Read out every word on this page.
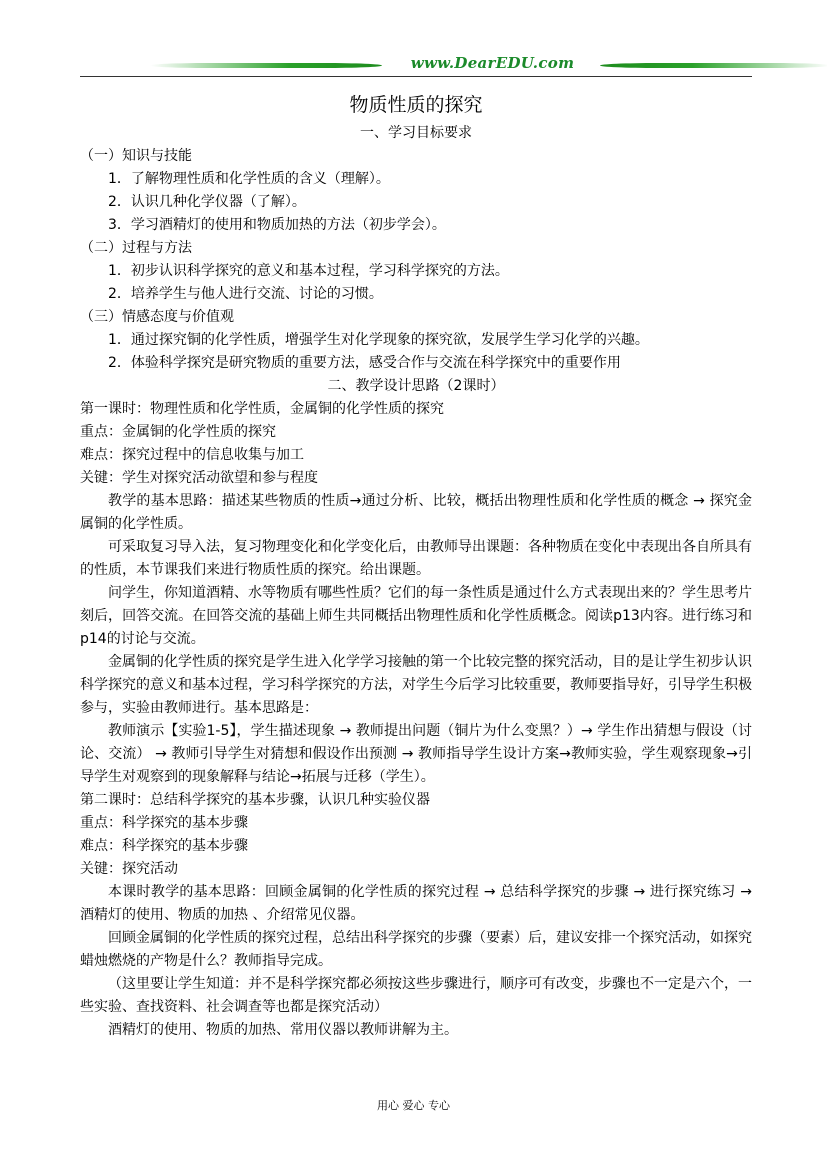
www.DearEDU.com
物质性质的探究
一、学习目标要求
（一）知识与技能
1．了解物理性质和化学性质的含义（理解）。
2．认识几种化学仪器（了解）。
3．学习酒精灯的使用和物质加热的方法（初步学会）。
（二）过程与方法
1．初步认识科学探究的意义和基本过程，学习科学探究的方法。
2．培养学生与他人进行交流、讨论的习惯。
（三）情感态度与价值观
1．通过探究铜的化学性质，增强学生对化学现象的探究欲，发展学生学习化学的兴趣。
2．体验科学探究是研究物质的重要方法，感受合作与交流在科学探究中的重要作用
二、教学设计思路（2课时）
第一课时：物理性质和化学性质，金属铜的化学性质的探究
重点：金属铜的化学性质的探究
难点：探究过程中的信息收集与加工
关键：学生对探究活动欲望和参与程度
教学的基本思路：描述某些物质的性质→通过分析、比较，概括出物理性质和化学性质的概念 → 探究金属铜的化学性质。
可采取复习导入法，复习物理变化和化学变化后，由教师导出课题：各种物质在变化中表现出各自所具有的性质，本节课我们来进行物质性质的探究。给出课题。
问学生，你知道酒精、水等物质有哪些性质？它们的每一条性质是通过什么方式表现出来的？学生思考片刻后，回答交流。在回答交流的基础上师生共同概括出物理性质和化学性质概念。阅读p13内容。进行练习和p14的讨论与交流。
金属铜的化学性质的探究是学生进入化学学习接触的第一个比较完整的探究活动，目的是让学生初步认识科学探究的意义和基本过程，学习科学探究的方法，对学生今后学习比较重要，教师要指导好，引导学生积极参与，实验由教师进行。基本思路是：
教师演示【实验1-5】，学生描述现象 → 教师提出问题（铜片为什么变黑？）→ 学生作出猜想与假设（讨论、交流） → 教师引导学生对猜想和假设作出预测 → 教师指导学生设计方案→教师实验，学生观察现象→引导学生对观察到的现象解释与结论→拓展与迁移（学生）。
第二课时：总结科学探究的基本步骤，认识几种实验仪器
重点：科学探究的基本步骤
难点：科学探究的基本步骤
关键：探究活动
本课时教学的基本思路：回顾金属铜的化学性质的探究过程 → 总结科学探究的步骤 → 进行探究练习 → 酒精灯的使用、物质的加热 、介绍常见仪器。
回顾金属铜的化学性质的探究过程，总结出科学探究的步骤（要素）后，建议安排一个探究活动，如探究蜡烛燃烧的产物是什么？教师指导完成。
（这里要让学生知道：并不是科学探究都必须按这些步骤进行，顺序可有改变，步骤也不一定是六个，一些实验、查找资料、社会调查等也都是探究活动）
酒精灯的使用、物质的加热、常用仪器以教师讲解为主。
用心 爱心 专心
